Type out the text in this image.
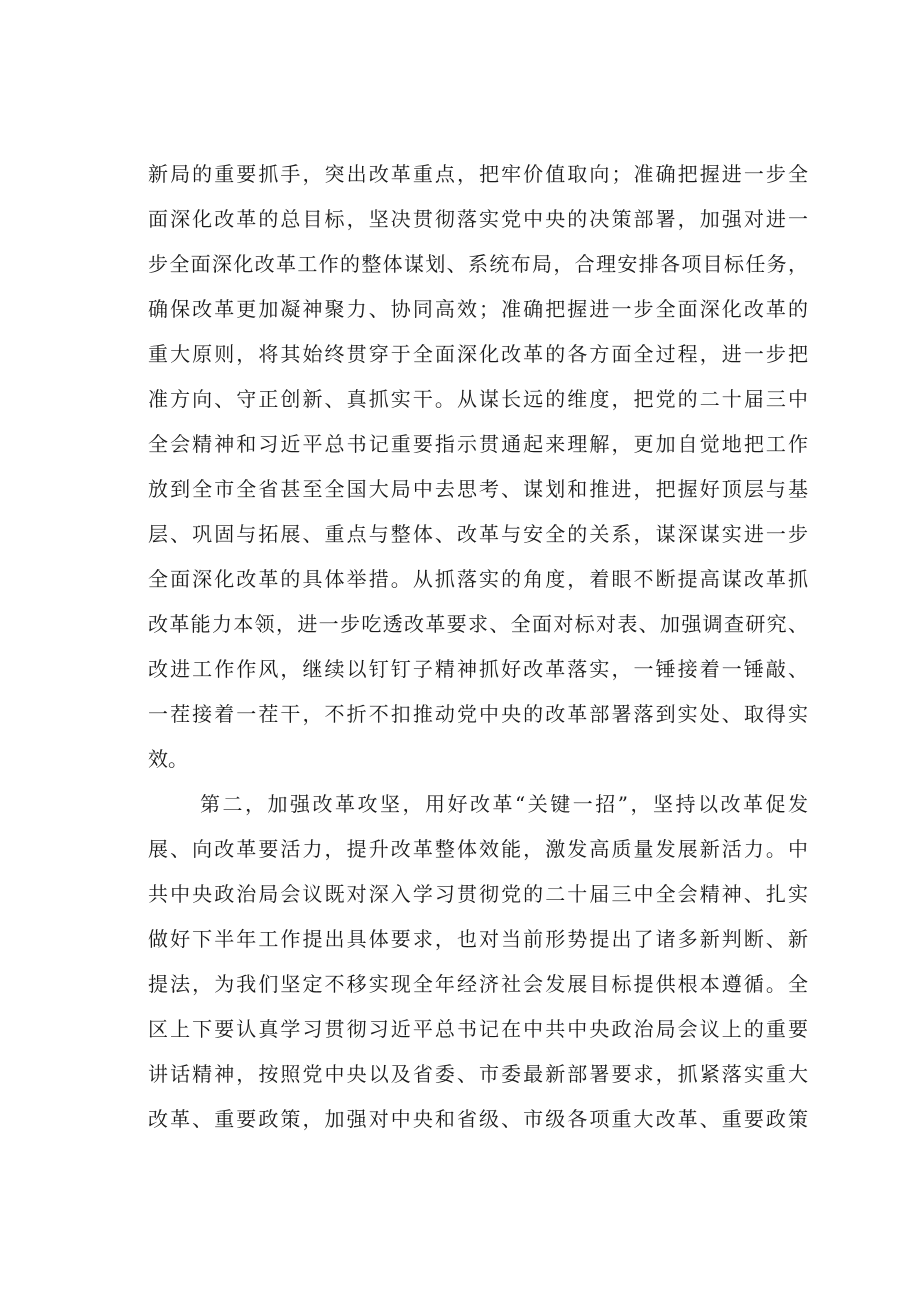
新局的重要抓手，突出改革重点，把牢价值取向；准确把握进一步全
面深化改革的总目标，坚决贯彻落实党中央的决策部署，加强对进一
步全面深化改革工作的整体谋划、系统布局，合理安排各项目标任务，
确保改革更加凝神聚力、协同高效；准确把握进一步全面深化改革的
重大原则，将其始终贯穿于全面深化改革的各方面全过程，进一步把
准方向、守正创新、真抓实干。从谋长远的维度，把党的二十届三中
全会精神和习近平总书记重要指示贯通起来理解，更加自觉地把工作
放到全市全省甚至全国大局中去思考、谋划和推进，把握好顶层与基
层、巩固与拓展、重点与整体、改革与安全的关系，谋深谋实进一步
全面深化改革的具体举措。从抓落实的角度，着眼不断提高谋改革抓
改革能力本领，进一步吃透改革要求、全面对标对表、加强调查研究、
改进工作作风，继续以钉钉子精神抓好改革落实，一锤接着一锤敲、
一茬接着一茬干，不折不扣推动党中央的改革部署落到实处、取得实
效。
第二，加强改革攻坚，用好改革“关键一招”，坚持以改革促发
展、向改革要活力，提升改革整体效能，激发高质量发展新活力。中
共中央政治局会议既对深入学习贯彻党的二十届三中全会精神、扎实
做好下半年工作提出具体要求，也对当前形势提出了诸多新判断、新
提法，为我们坚定不移实现全年经济社会发展目标提供根本遵循。全
区上下要认真学习贯彻习近平总书记在中共中央政治局会议上的重要
讲话精神，按照党中央以及省委、市委最新部署要求，抓紧落实重大
改革、重要政策，加强对中央和省级、市级各项重大改革、重要政策
